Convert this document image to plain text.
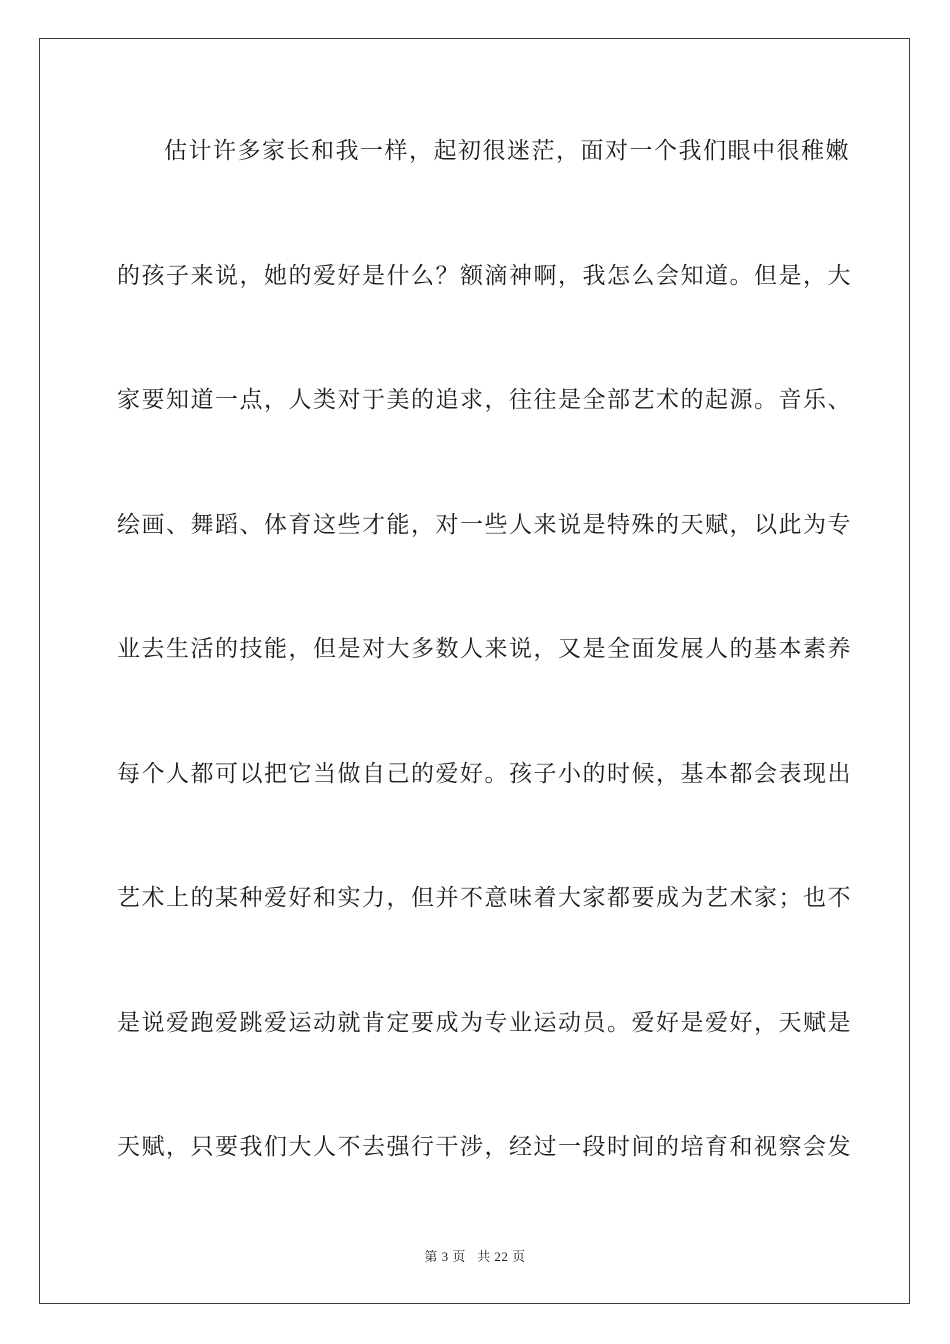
估计许多家长和我一样，起初很迷茫，面对一个我们眼中很稚嫩
的孩子来说，她的爱好是什么？额滴神啊，我怎么会知道。但是，大
家要知道一点，人类对于美的追求，往往是全部艺术的起源。音乐、
绘画、舞蹈、体育这些才能，对一些人来说是特殊的天赋，以此为专
业去生活的技能，但是对大多数人来说，又是全面发展人的基本素养
每个人都可以把它当做自己的爱好。孩子小的时候，基本都会表现出
艺术上的某种爱好和实力，但并不意味着大家都要成为艺术家；也不
是说爱跑爱跳爱运动就肯定要成为专业运动员。爱好是爱好，天赋是
天赋，只要我们大人不去强行干涉，经过一段时间的培育和视察会发
第 3 页 共 22 页
